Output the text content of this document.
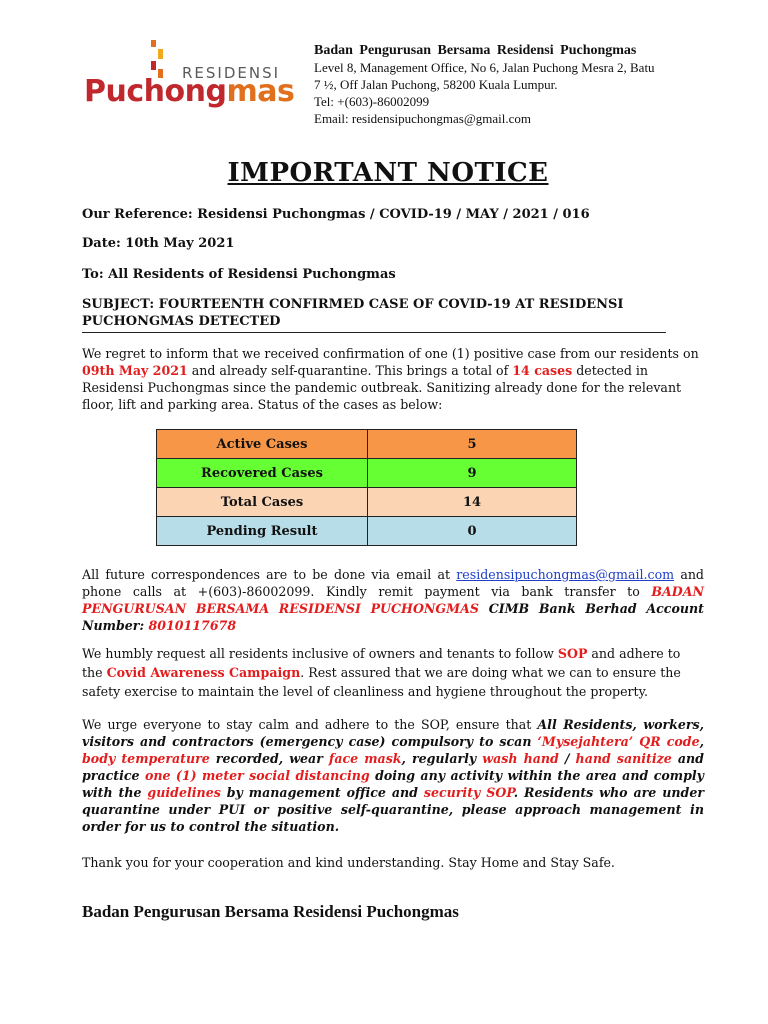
RESIDENSI
Puchongmas
Badan Pengurusan Bersama Residensi Puchongmas
Level 8, Management Office, No 6, Jalan Puchong Mesra 2, Batu
7 ½, Off Jalan Puchong, 58200 Kuala Lumpur.
Tel: +(603)-86002099
Email: residensipuchongmas@gmail.com
IMPORTANT NOTICE
Our Reference: Residensi Puchongmas / COVID-19 / MAY / 2021 / 016
Date: 10th May 2021
To: All Residents of Residensi Puchongmas
SUBJECT: FOURTEENTH CONFIRMED CASE OF COVID-19 AT RESIDENSI
PUCHONGMAS DETECTED
We regret to inform that we received confirmation of one (1) positive case from our residents on 09th May 2021 and already self-quarantine. This brings a total of 14 cases detected in Residensi Puchongmas since the pandemic outbreak. Sanitizing already done for the relevant floor, lift and parking area. Status of the cases as below:
Active Cases	5
Recovered Cases	9
Total Cases	14
Pending Result	0
All future correspondences are to be done via email at residensipuchongmas@gmail.com and phone calls at +(603)-86002099. Kindly remit payment via bank transfer to BADAN PENGURUSAN BERSAMA RESIDENSI PUCHONGMAS CIMB Bank Berhad Account Number: 8010117678
We humbly request all residents inclusive of owners and tenants to follow SOP and adhere to the Covid Awareness Campaign. Rest assured that we are doing what we can to ensure the safety exercise to maintain the level of cleanliness and hygiene throughout the property.
We urge everyone to stay calm and adhere to the SOP, ensure that All Residents, workers, visitors and contractors (emergency case) compulsory to scan ‘Mysejahtera’ QR code, body temperature recorded, wear face mask, regularly wash hand / hand sanitize and practice one (1) meter social distancing doing any activity within the area and comply with the guidelines by management office and security SOP. Residents who are under quarantine under PUI or positive self-quarantine, please approach management in order for us to control the situation.
Thank you for your cooperation and kind understanding. Stay Home and Stay Safe.
Badan Pengurusan Bersama Residensi Puchongmas
